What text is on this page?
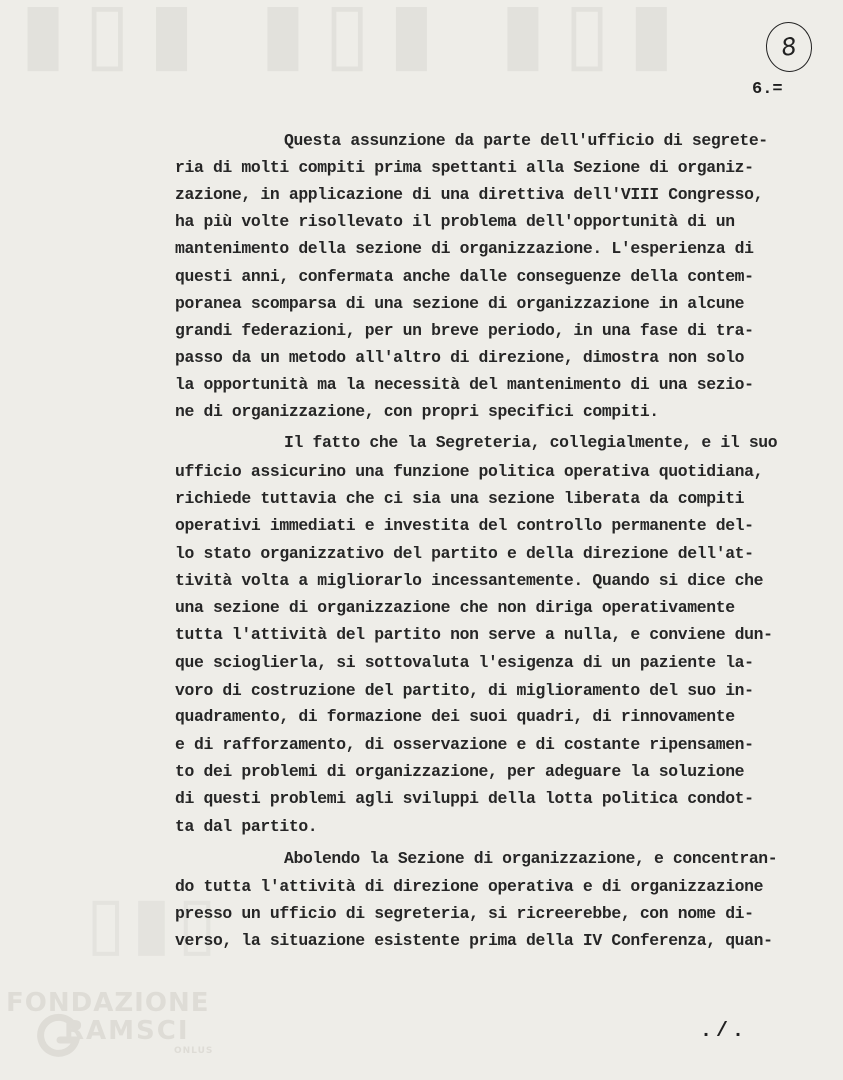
▮▯▮ ▮▯▮ ▮▯▮
▯▮▯
8
6.=
Questa assunzione da parte dell'ufficio di segrete-
ria di molti compiti prima spettanti alla Sezione di organiz-
zazione, in applicazione di una direttiva dell'VIII Congresso,
ha più volte risollevato il problema dell'opportunità di un
mantenimento della sezione di organizzazione. L'esperienza di
questi anni, confermata anche dalle conseguenze della contem-
poranea scomparsa di una sezione di organizzazione in alcune
grandi federazioni, per un breve periodo, in una fase di tra-
passo da un metodo all'altro di direzione, dimostra non solo
la opportunità ma la necessità del mantenimento di una sezio-
ne di organizzazione, con propri specifici compiti.
Il fatto che la Segreteria, collegialmente, e il suo
ufficio assicurino una funzione politica operativa quotidiana,
richiede tuttavia che ci sia una sezione liberata da compiti
operativi immediati e investita del controllo permanente del-
lo stato organizzativo del partito e della direzione dell'at-
tività volta a migliorarlo incessantemente. Quando si dice che
una sezione di organizzazione che non diriga operativamente
tutta l'attività del partito non serve a nulla, e conviene dun-
que scioglierla, si sottovaluta l'esigenza di un paziente la-
voro di costruzione del partito, di miglioramento del suo in-
quadramento, di formazione dei suoi quadri, di rinnovamente
e di rafforzamento, di osservazione e di costante ripensamen-
to dei problemi di organizzazione, per adeguare la soluzione
di questi problemi agli sviluppi della lotta politica condot-
ta dal partito.
Abolendo la Sezione di organizzazione, e concentran-
do tutta l'attività di direzione operativa e di organizzazione
presso un ufficio di segreteria, si ricreerebbe, con nome di-
verso, la situazione esistente prima della IV Conferenza, quan-
FONDAZIONE
RAMSCI
ONLUS
./.
